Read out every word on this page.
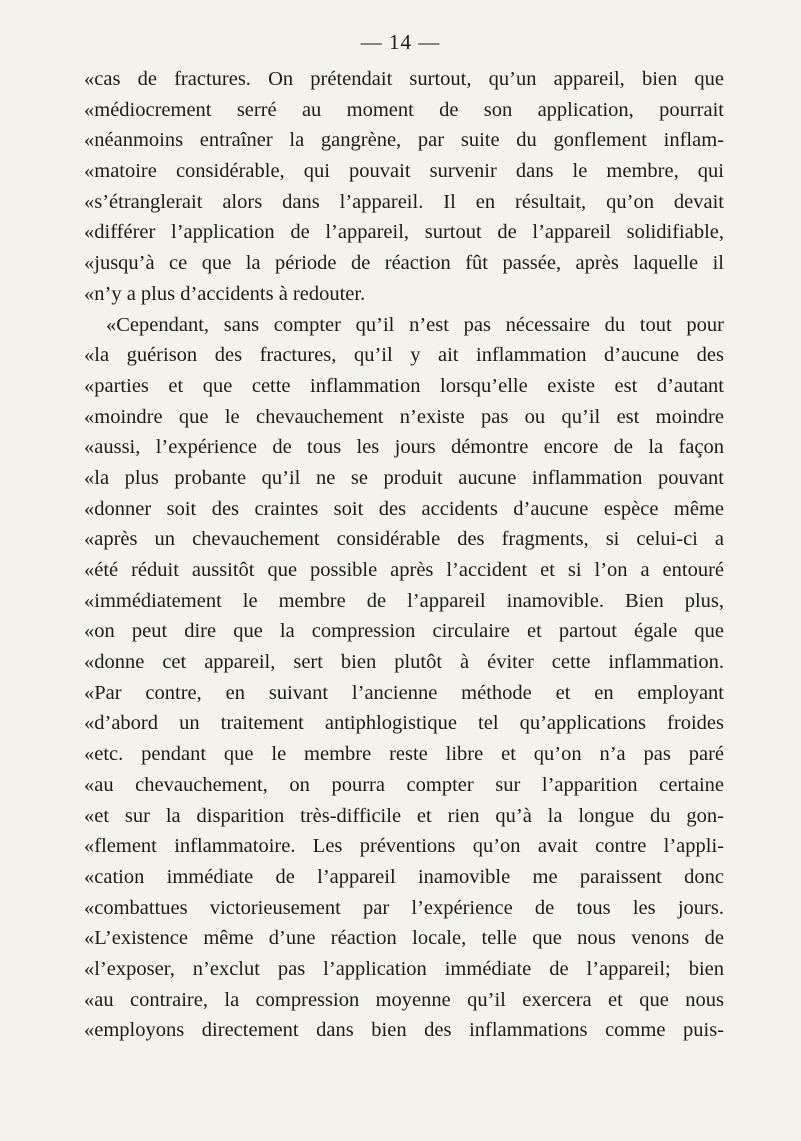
— 14 —
«cas de fractures. On prétendait surtout, qu’un appareil, bien que
«médiocrement serré au moment de son application, pourrait
«néanmoins entraîner la gangrène, par suite du gonflement inflam-
«matoire considérable, qui pouvait survenir dans le membre, qui
«s’étranglerait alors dans l’appareil. Il en résultait, qu’on devait
«différer l’application de l’appareil, surtout de l’appareil solidifiable,
«jusqu’à ce que la période de réaction fût passée, après laquelle il
«n’y a plus d’accidents à redouter.
«Cependant, sans compter qu’il n’est pas nécessaire du tout pour
«la guérison des fractures, qu’il y ait inflammation d’aucune des
«parties et que cette inflammation lorsqu’elle existe est d’autant
«moindre que le chevauchement n’existe pas ou qu’il est moindre
«aussi, l’expérience de tous les jours démontre encore de la façon
«la plus probante qu’il ne se produit aucune inflammation pouvant
«donner soit des craintes soit des accidents d’aucune espèce même
«après un chevauchement considérable des fragments, si celui-ci a
«été réduit aussitôt que possible après l’accident et si l’on a entouré
«immédiatement le membre de l’appareil inamovible. Bien plus,
«on peut dire que la compression circulaire et partout égale que
«donne cet appareil, sert bien plutôt à éviter cette inflammation.
«Par contre, en suivant l’ancienne méthode et en employant
«d’abord un traitement antiphlogistique tel qu’applications froides
«etc. pendant que le membre reste libre et qu’on n’a pas paré
«au chevauchement, on pourra compter sur l’apparition certaine
«et sur la disparition très-difficile et rien qu’à la longue du gon-
«flement inflammatoire. Les préventions qu’on avait contre l’appli-
«cation immédiate de l’appareil inamovible me paraissent donc
«combattues victorieusement par l’expérience de tous les jours.
«L’existence même d’une réaction locale, telle que nous venons de
«l’exposer, n’exclut pas l’application immédiate de l’appareil; bien
«au contraire, la compression moyenne qu’il exercera et que nous
«employons directement dans bien des inflammations comme puis-
